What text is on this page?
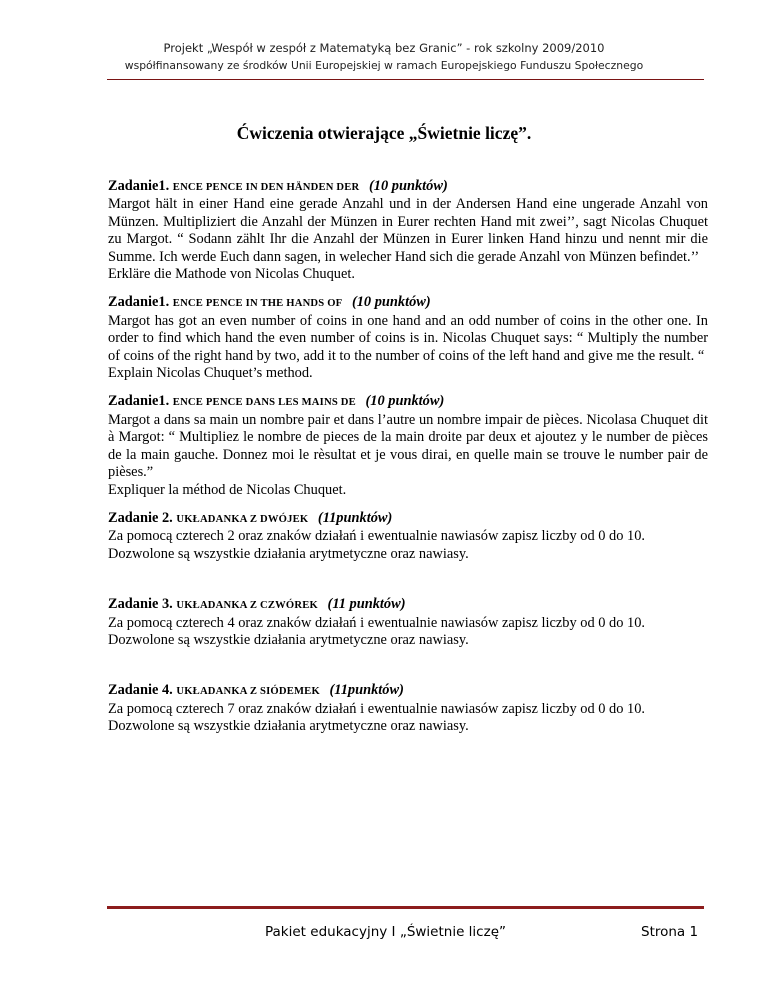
Projekt „Wespół w zespół z Matematyką bez Granic” - rok szkolny 2009/2010
współfinansowany ze środków Unii Europejskiej w ramach Europejskiego Funduszu Społecznego
Ćwiczenia otwierające „Świetnie liczę”.

Zadanie1. ENCE PENCE IN DEN HÄNDEN DER (10 punktów)

Margot hält in einer Hand eine gerade Anzahl und in der Andersen Hand eine ungerade Anzahl von Münzen. Multipliziert die Anzahl der Münzen in Eurer rechten Hand mit zwei’’, sagt Nicolas Chuquet zu Margot. “ Sodann zählt Ihr die Anzahl der Münzen in Eurer linken Hand hinzu und nennt mir die Summe. Ich werde Euch dann sagen, in welecher Hand sich die gerade Anzahl von Münzen befindet.’’

Erkläre die Mathode von Nicolas Chuquet.

Zadanie1. ENCE PENCE IN THE HANDS OF (10 punktów)

Margot has got an even number of coins in one hand and an odd number of coins in the other one. In order to find which hand the even number of coins is in. Nicolas Chuquet says: “ Multiply the number of coins of the right hand by two, add it to the number of coins of the left hand and give me the result. “

Explain Nicolas Chuquet’s method.

Zadanie1. ENCE PENCE DANS LES MAINS DE (10 punktów)

Margot a dans sa main un nombre pair et dans l’autre un nombre impair de pièces. Nicolasa Chuquet dit à Margot: “ Multipliez le nombre de pieces de la main droite par deux et ajoutez y le number de pièces de la main gauche. Donnez moi le rèsultat et je vous dirai, en quelle main se trouve le number pair de pièses.”

Expliquer la méthod de Nicolas Chuquet.

Zadanie 2. UKŁADANKA Z DWÓJEK (11punktów)

Za pomocą czterech 2 oraz znaków działań i ewentualnie nawiasów zapisz liczby od 0 do 10.

Dozwolone są wszystkie działania arytmetyczne oraz nawiasy.

Zadanie 3. UKŁADANKA Z CZWÓREK (11 punktów)

Za pomocą czterech 4 oraz znaków działań i ewentualnie nawiasów zapisz liczby od 0 do 10.

Dozwolone są wszystkie działania arytmetyczne oraz nawiasy.

Zadanie 4. UKŁADANKA Z SIÓDEMEK (11punktów)

Za pomocą czterech 7 oraz znaków działań i ewentualnie nawiasów zapisz liczby od 0 do 10.

Dozwolone są wszystkie działania arytmetyczne oraz nawiasy.

Pakiet edukacyjny I „Świetnie liczę”	Strona 1
